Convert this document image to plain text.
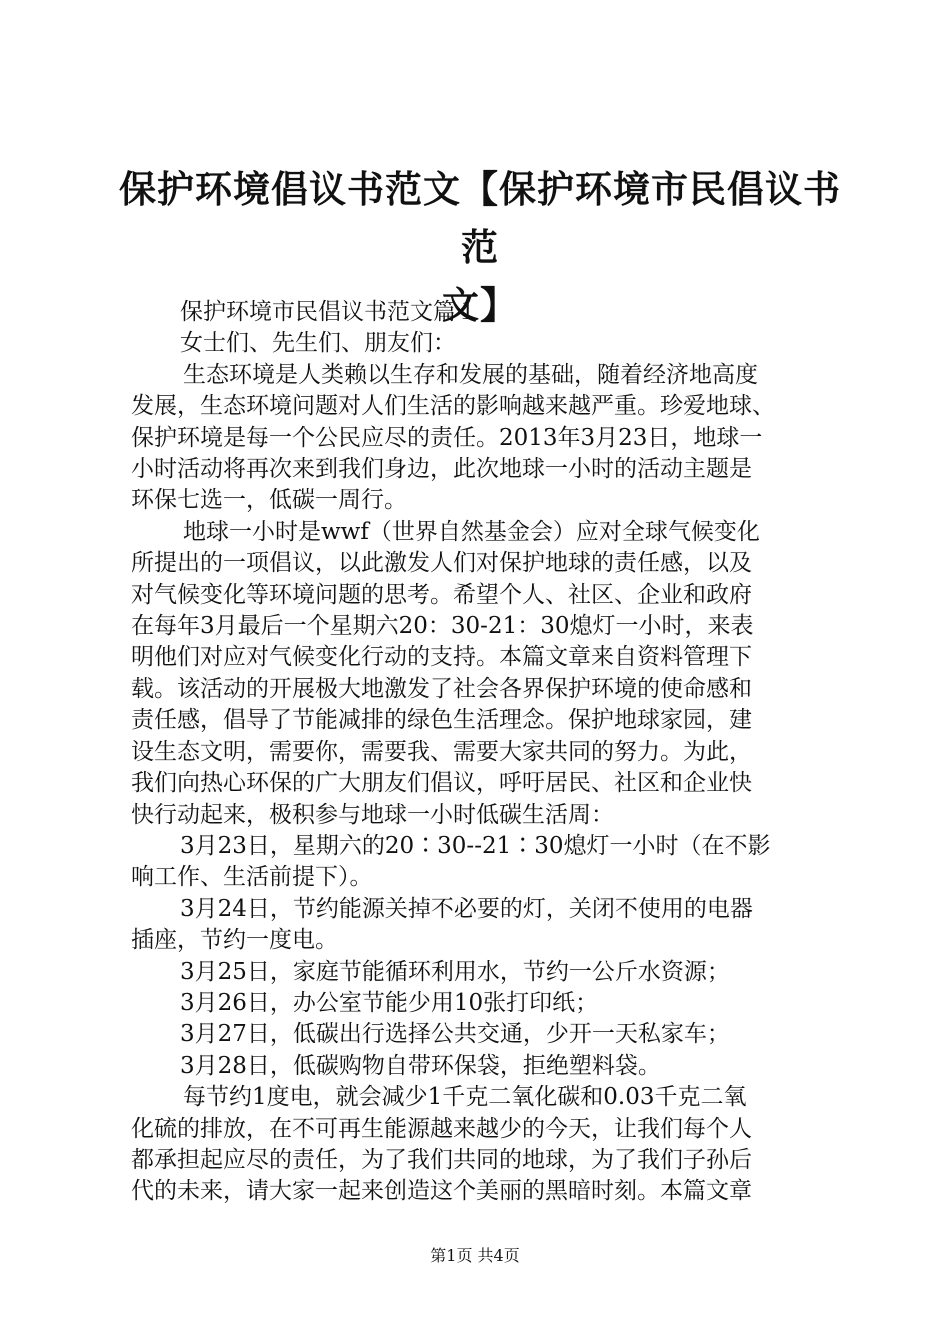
保护环境倡议书范文【保护环境市民倡议书范
文】
保护环境市民倡议书范文篇１
女士们、先生们、朋友们：
生态环境是人类赖以生存和发展的基础，随着经济地高度
发展，生态环境问题对人们生活的影响越来越严重。珍爱地球、
保护环境是每一个公民应尽的责任。2013年3月23日，地球一
小时活动将再次来到我们身边，此次地球一小时的活动主题是
环保七选一，低碳一周行。
地球一小时是wwf（世界自然基金会）应对全球气候变化
所提出的一项倡议，以此激发人们对保护地球的责任感，以及
对气候变化等环境问题的思考。希望个人、社区、企业和政府
在每年3月最后一个星期六20：30-21：30熄灯一小时，来表
明他们对应对气候变化行动的支持。本篇文章来自资料管理下
载。该活动的开展极大地激发了社会各界保护环境的使命感和
责任感，倡导了节能减排的绿色生活理念。保护地球家园，建
设生态文明，需要你，需要我、需要大家共同的努力。为此，
我们向热心环保的广大朋友们倡议，呼吁居民、社区和企业快
快行动起来，极积参与地球一小时低碳生活周：
3月23日，星期六的20∶30--21∶30熄灯一小时（在不影
响工作、生活前提下）。
3月24日，节约能源关掉不必要的灯，关闭不使用的电器
插座，节约一度电。
3月25日，家庭节能循环利用水，节约一公斤水资源；
3月26日，办公室节能少用10张打印纸；
3月27日，低碳出行选择公共交通，少开一天私家车；
3月28日，低碳购物自带环保袋，拒绝塑料袋。
每节约1度电，就会减少1千克二氧化碳和0.03千克二氧
化硫的排放，在不可再生能源越来越少的今天，让我们每个人
都承担起应尽的责任，为了我们共同的地球，为了我们子孙后
代的未来，请大家一起来创造这个美丽的黑暗时刻。本篇文章
第1页 共4页
